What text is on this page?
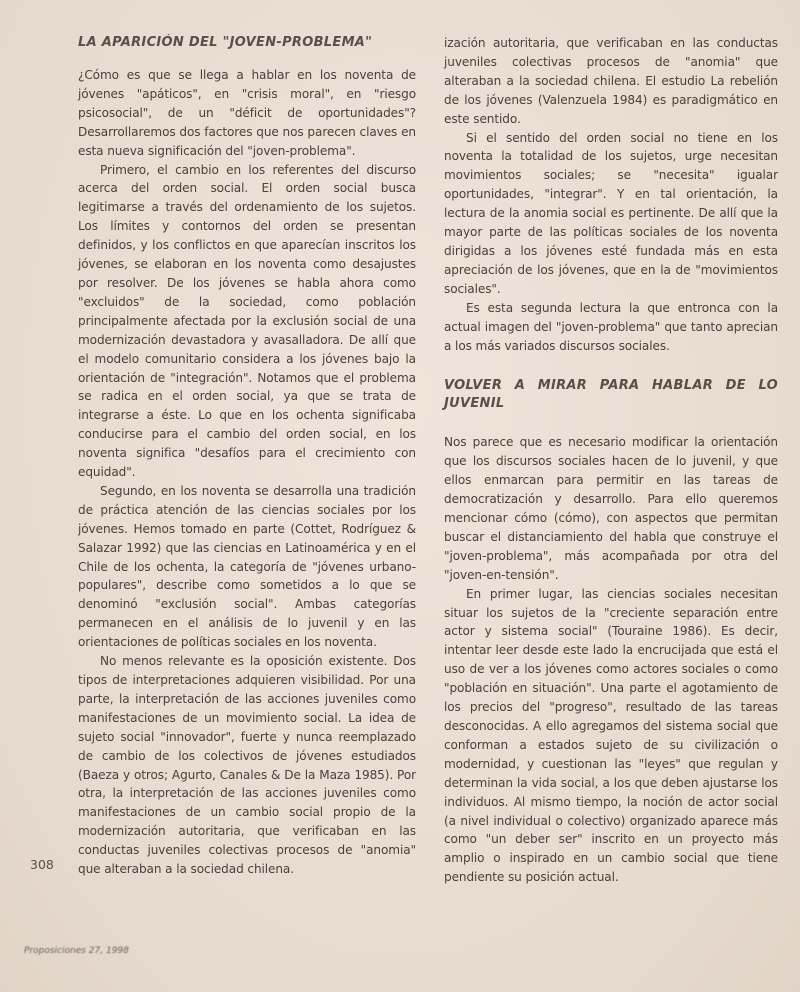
LA APARICIÓN DEL "JOVEN-PROBLEMA"

¿Cómo es que se llega a hablar en los noventa de jóvenes "apáticos", en "crisis moral", en "riesgo psicosocial", de un "déficit de oportunidades"? Desarrollaremos dos factores que nos parecen claves en esta nueva significación del "joven-problema".

Primero, el cambio en los referentes del discurso acerca del orden social. El orden social busca legitimarse a través del ordenamiento de los sujetos. Los límites y contornos del orden se presentan definidos, y los conflictos en que aparecían inscritos los jóvenes, se elaboran en los noventa como desajustes por resolver. De los jóvenes se habla ahora como "excluidos" de la sociedad, como población principalmente afectada por la exclusión social de una modernización devastadora y avasalladora. De allí que el modelo comunitario considera a los jóvenes bajo la orientación de "integración". Notamos que el problema se radica en el orden social, ya que se trata de integrarse a éste. Lo que en los ochenta significaba conducirse para el cambio del orden social, en los noventa significa "desafíos para el crecimiento con equidad".

Segundo, en los noventa se desarrolla una tradición de práctica atención de las ciencias sociales por los jóvenes. Hemos tomado en parte (Cottet, Rodríguez & Salazar 1992) que las ciencias en Latinoamérica y en el Chile de los ochenta, la categoría de "jóvenes urbano-populares", describe como sometidos a lo que se denominó "exclusión social". Ambas categorías permanecen en el análisis de lo juvenil y en las orientaciones de políticas sociales en los noventa.

No menos relevante es la oposición existente. Dos tipos de interpretaciones adquieren visibilidad. Por una parte, la interpretación de las acciones juveniles como manifestaciones de un movimiento social. La idea de sujeto social "innovador", fuerte y nunca reemplazado de cambio de los colectivos de jóvenes estudiados (Baeza y otros; Agurto, Canales & De la Maza 1985). Por otra, la interpretación de las acciones juveniles como manifestaciones de un cambio social propio de la modernización autoritaria, que verificaban en las conductas juveniles colectivas procesos de "anomia" que alteraban a la sociedad chilena.

ización autoritaria, que verificaban en las conductas juveniles colectivas procesos de "anomia" que alteraban a la sociedad chilena. El estudio La rebelión de los jóvenes (Valenzuela 1984) es paradigmático en este sentido.

Si el sentido del orden social no tiene en los noventa la totalidad de los sujetos, urge necesitan movimientos sociales; se "necesita" igualar oportunidades, "integrar". Y en tal orientación, la lectura de la anomia social es pertinente. De allí que la mayor parte de las políticas sociales de los noventa dirigidas a los jóvenes esté fundada más en esta apreciación de los jóvenes, que en la de "movimientos sociales".

Es esta segunda lectura la que entronca con la actual imagen del "joven-problema" que tanto aprecian a los más variados discursos sociales.

VOLVER A MIRAR PARA HABLAR DE LO JUVENIL

Nos parece que es necesario modificar la orientación que los discursos sociales hacen de lo juvenil, y que ellos enmarcan para permitir en las tareas de democratización y desarrollo. Para ello queremos mencionar cómo (cómo), con aspectos que permitan buscar el distanciamiento del habla que construye el "joven-problema", más acompañada por otra del "joven-en-tensión".

En primer lugar, las ciencias sociales necesitan situar los sujetos de la "creciente separación entre actor y sistema social" (Touraine 1986). Es decir, intentar leer desde este lado la encrucijada que está el uso de ver a los jóvenes como actores sociales o como "población en situación". Una parte el agotamiento de los precios del "progreso", resultado de las tareas desconocidas. A ello agregamos del sistema social que conforman a estados sujeto de su civilización o modernidad, y cuestionan las "leyes" que regulan y determinan la vida social, a los que deben ajustarse los individuos. Al mismo tiempo, la noción de actor social (a nivel individual o colectivo) organizado aparece más como "un deber ser" inscrito en un proyecto más amplio o inspirado en un cambio social que tiene pendiente su posición actual.

308
Proposiciones 27, 1998
